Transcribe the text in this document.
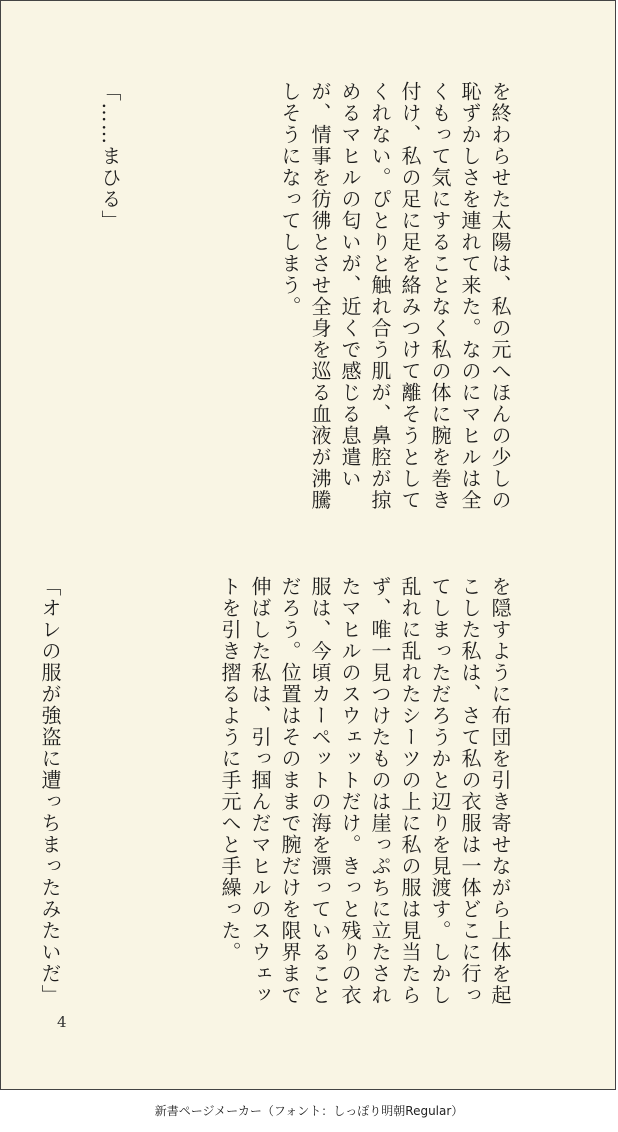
を終わらせた太陽は、私の元へほんの少しの恥ずかしさを連れて来た。なのにマヒルは全くもって気にすることなく私の体に腕を巻き付け、私の足に足を絡みつけて離そうとしてくれない。ぴとりと触れ合う肌が、鼻腔が掠めるマヒルの匂いが、近くで感じる息遣いが、情事を彷彿とさせ全身を巡る血液が沸騰しそうになってしまう。

「……まひる」

を隠すように布団を引き寄せながら上体を起こした私は、さて私の衣服は一体どこに行ってしまっただろうかと辺りを見渡す。しかし乱れに乱れたシーツの上に私の服は見当たらず、唯一見つけたものは崖っぷちに立たされたマヒルのスウェットだけ。きっと残りの衣服は、今頃カーペットの海を漂っていることだろう。位置はそのままで腕だけを限界まで伸ばした私は、引っ掴んだマヒルのスウェットを引き摺るように手元へと手繰った。

「オレの服が強盗に遭っちまったみたいだ」

4
新書ページメーカー（フォント：しっぽり明朝Regular）
